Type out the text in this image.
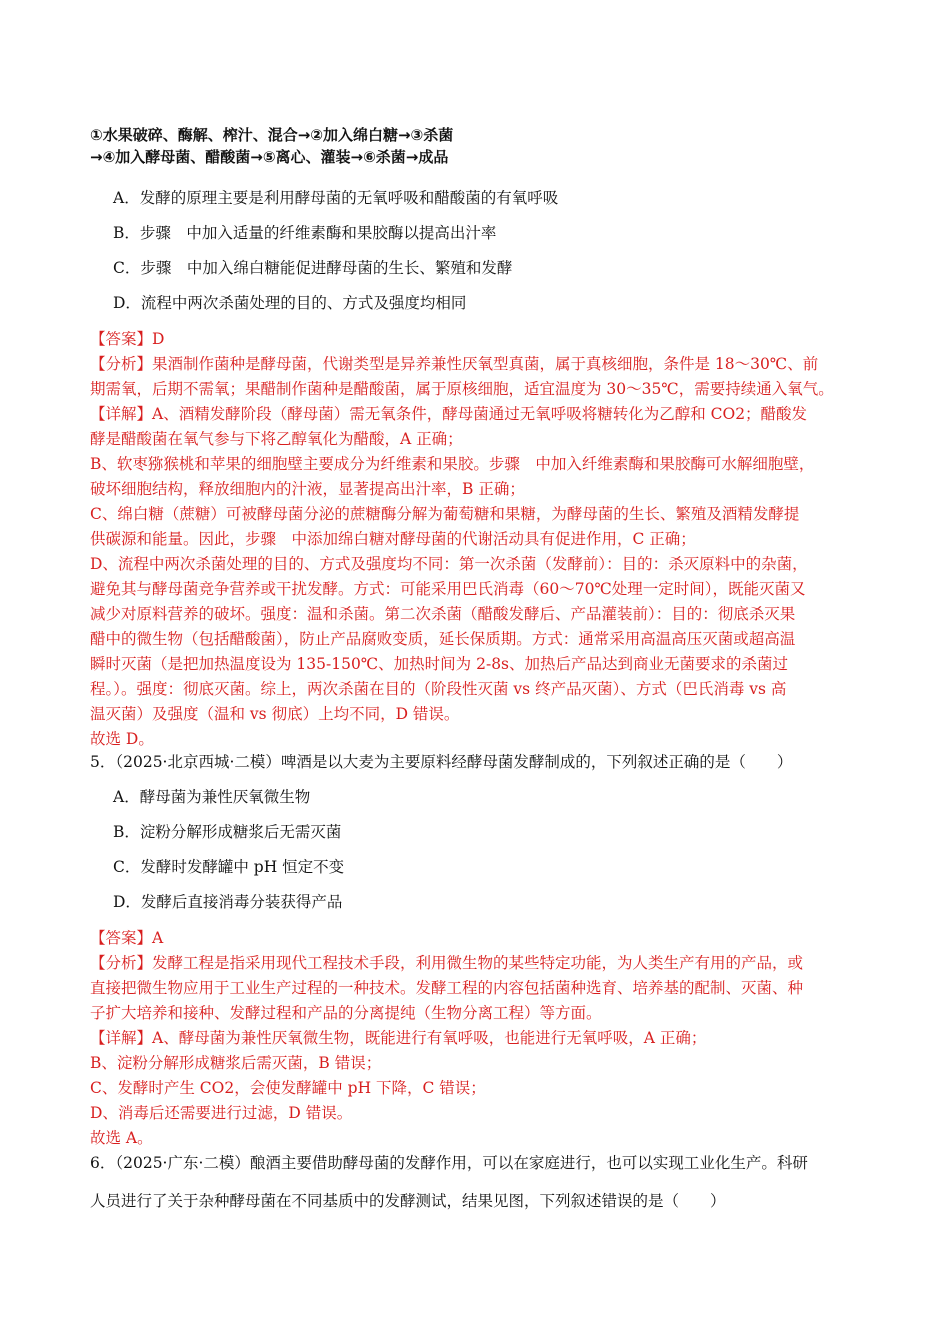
①水果破碎、酶解、榨汁、混合→②加入绵白糖→③杀菌
→④加入酵母菌、醋酸菌→⑤离心、灌装→⑥杀菌→成品
A．发酵的原理主要是利用酵母菌的无氧呼吸和醋酸菌的有氧呼吸
B．步骤　中加入适量的纤维素酶和果胶酶以提高出汁率
C．步骤　中加入绵白糖能促进酵母菌的生长、繁殖和发酵
D．流程中两次杀菌处理的目的、方式及强度均相同
【答案】D
【分析】果酒制作菌种是酵母菌，代谢类型是异养兼性厌氧型真菌，属于真核细胞，条件是 18～30℃、前
期需氧，后期不需氧；果醋制作菌种是醋酸菌，属于原核细胞，适宜温度为 30～35℃，需要持续通入氧气。
【详解】A、酒精发酵阶段（酵母菌）需无氧条件，酵母菌通过无氧呼吸将糖转化为乙醇和 CO2；醋酸发
酵是醋酸菌在氧气参与下将乙醇氧化为醋酸，A 正确；
B、软枣猕猴桃和苹果的细胞壁主要成分为纤维素和果胶。步骤　中加入纤维素酶和果胶酶可水解细胞壁，
破坏细胞结构，释放细胞内的汁液，显著提高出汁率，B 正确；
C、绵白糖（蔗糖）可被酵母菌分泌的蔗糖酶分解为葡萄糖和果糖，为酵母菌的生长、繁殖及酒精发酵提
供碳源和能量。因此，步骤　中添加绵白糖对酵母菌的代谢活动具有促进作用，C 正确；
D、流程中两次杀菌处理的目的、方式及强度均不同：第一次杀菌（发酵前）：目的：杀灭原料中的杂菌，
避免其与酵母菌竞争营养或干扰发酵。方式：可能采用巴氏消毒（60～70℃处理一定时间），既能灭菌又
减少对原料营养的破坏。强度：温和杀菌。第二次杀菌（醋酸发酵后、产品灌装前）：目的：彻底杀灭果
醋中的微生物（包括醋酸菌），防止产品腐败变质，延长保质期。方式：通常采用高温高压灭菌或超高温
瞬时灭菌（是把加热温度设为 135-150℃、加热时间为 2-8s、加热后产品达到商业无菌要求的杀菌过
程。）。强度：彻底灭菌。综上，两次杀菌在目的（阶段性灭菌 vs 终产品灭菌）、方式（巴氏消毒 vs 高
温灭菌）及强度（温和 vs 彻底）上均不同，D 错误。
故选 D。
5．（2025·北京西城·二模）啤酒是以大麦为主要原料经酵母菌发酵制成的，下列叙述正确的是（　　）
A．酵母菌为兼性厌氧微生物
B．淀粉分解形成糖浆后无需灭菌
C．发酵时发酵罐中 pH 恒定不变
D．发酵后直接消毒分装获得产品
【答案】A
【分析】发酵工程是指采用现代工程技术手段，利用微生物的某些特定功能，为人类生产有用的产品，或
直接把微生物应用于工业生产过程的一种技术。发酵工程的内容包括菌种选育、培养基的配制、灭菌、种
子扩大培养和接种、发酵过程和产品的分离提纯（生物分离工程）等方面。
【详解】A、酵母菌为兼性厌氧微生物，既能进行有氧呼吸，也能进行无氧呼吸，A 正确；
B、淀粉分解形成糖浆后需灭菌，B 错误；
C、发酵时产生 CO2，会使发酵罐中 pH 下降，C 错误；
D、消毒后还需要进行过滤，D 错误。
故选 A。
6．（2025·广东·二模）酿酒主要借助酵母菌的发酵作用，可以在家庭进行，也可以实现工业化生产。科研
人员进行了关于杂种酵母菌在不同基质中的发酵测试，结果见图，下列叙述错误的是（　　）
